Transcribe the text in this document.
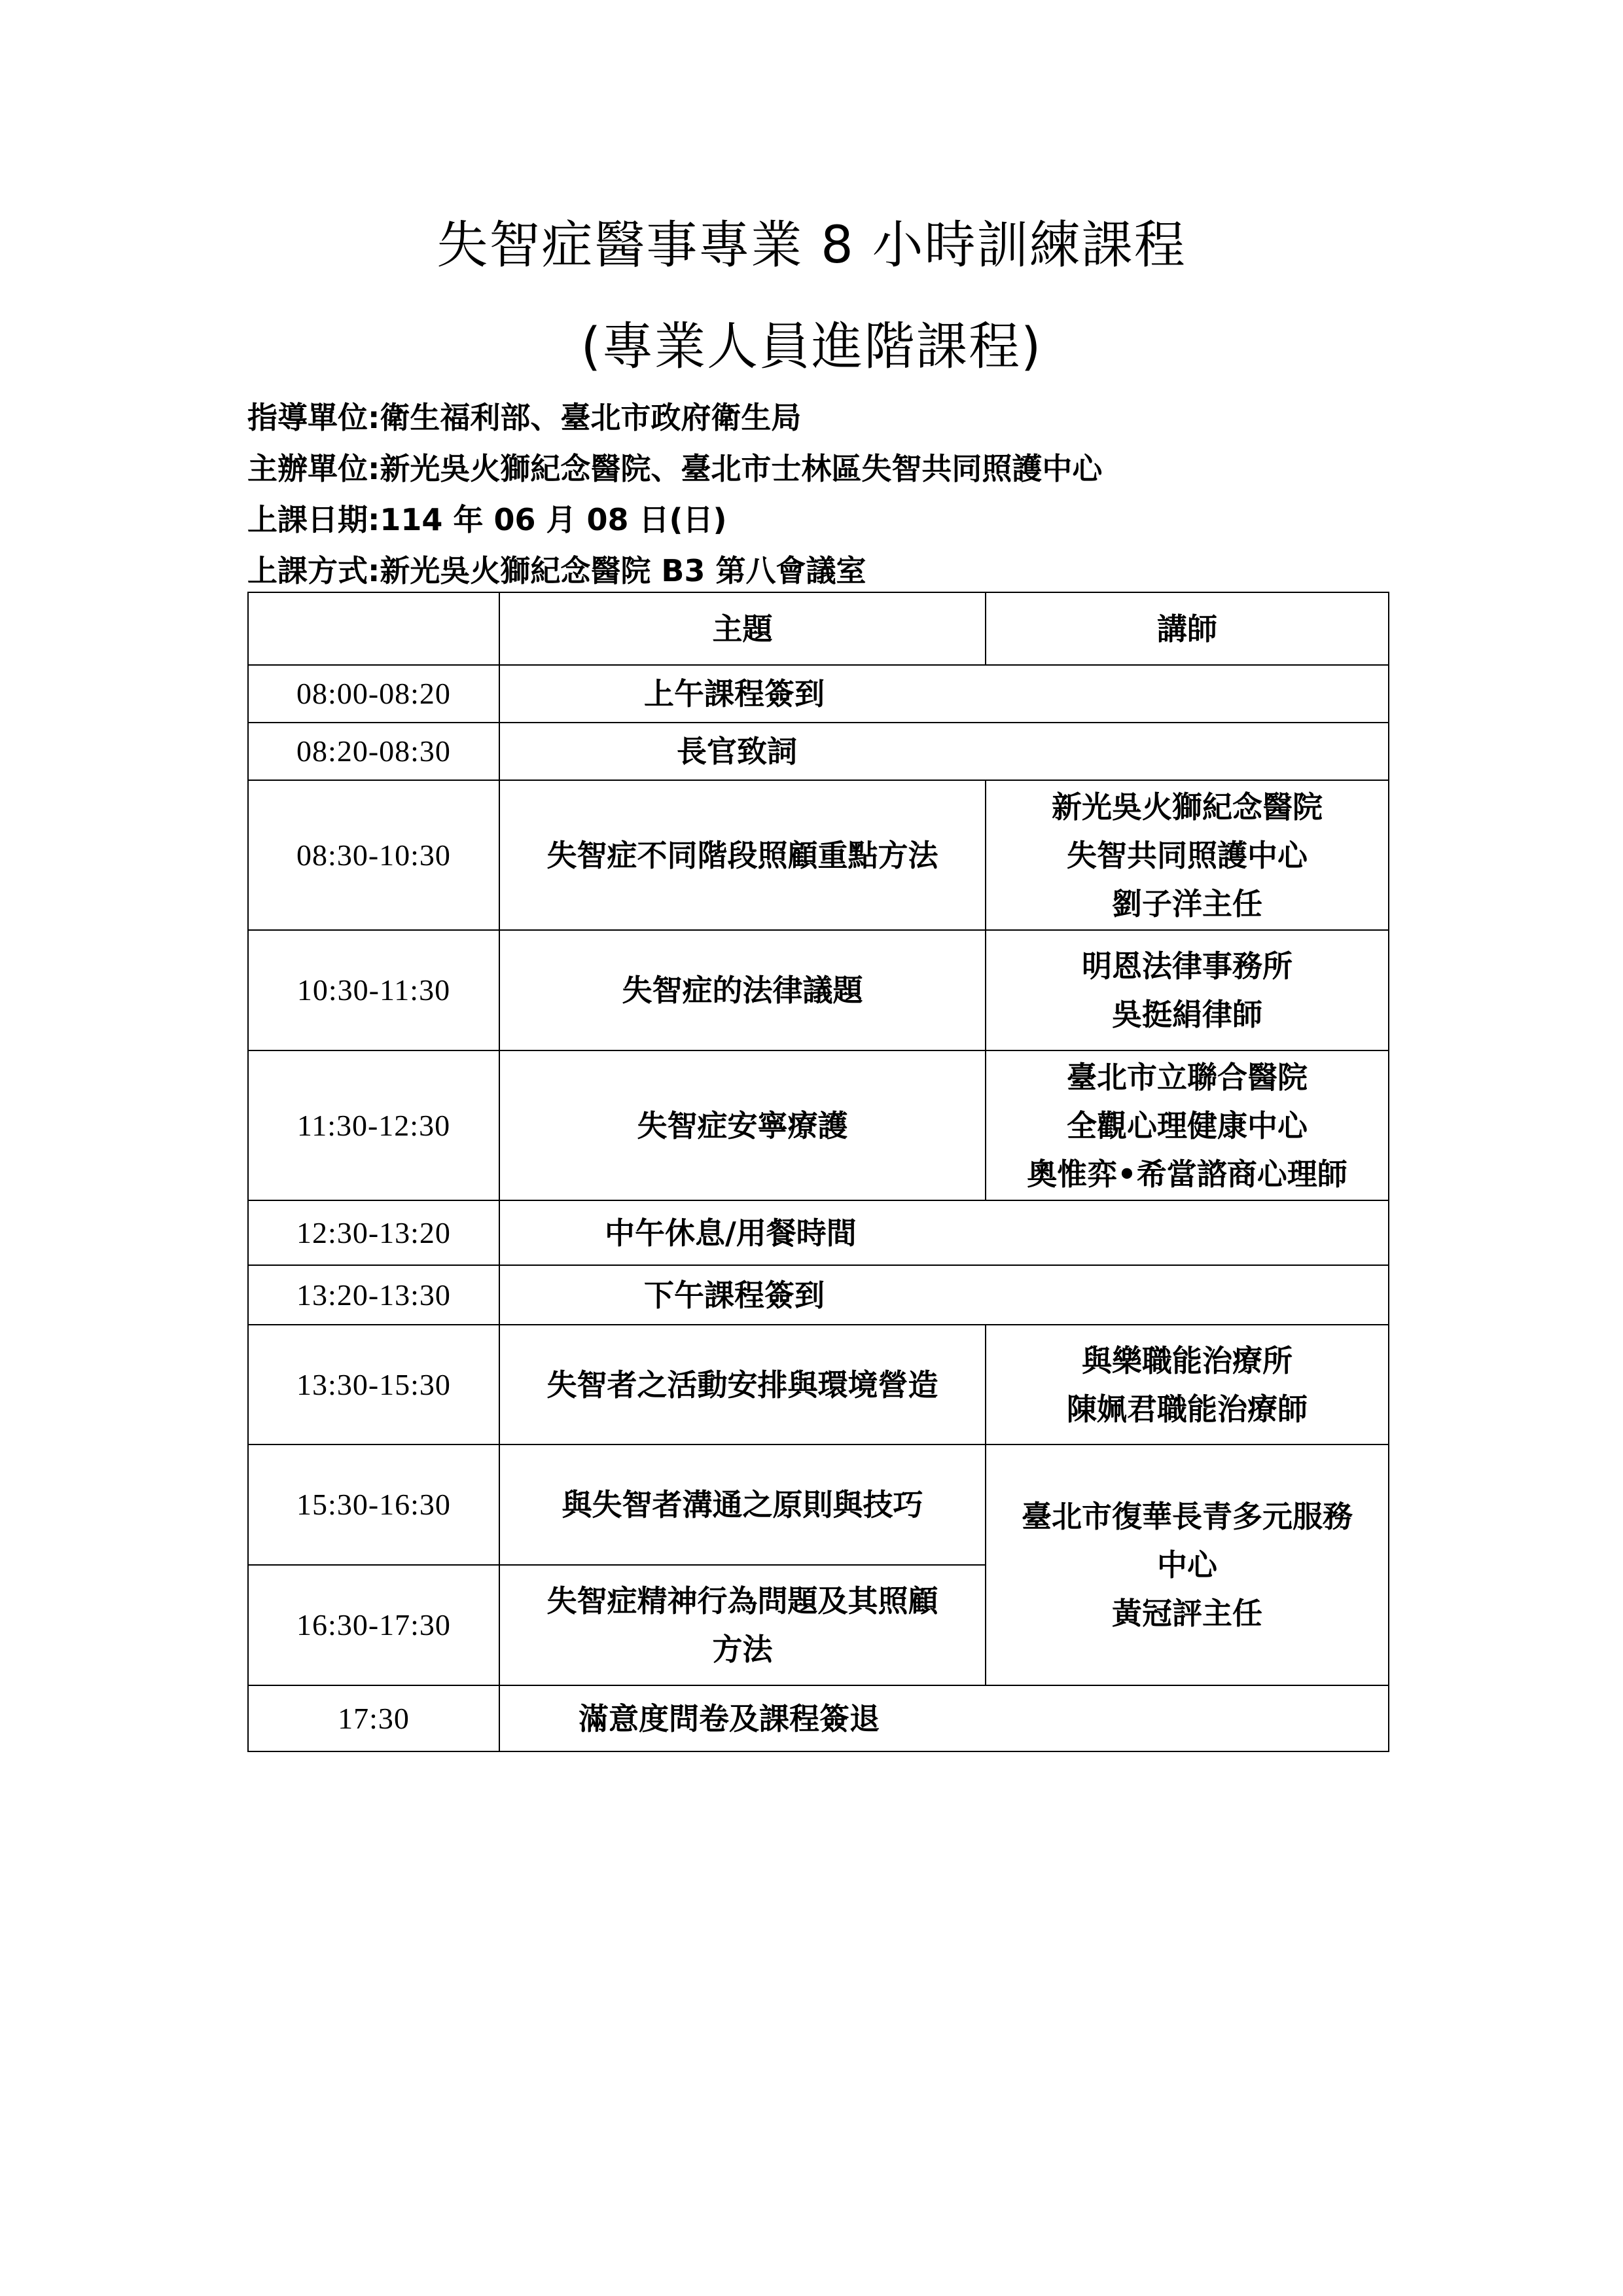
失智症醫事專業 8 小時訓練課程
(專業人員進階課程)
指導單位:衛生福利部、臺北市政府衛生局
主辦單位:新光吳火獅紀念醫院、臺北市士林區失智共同照護中心
上課日期:114 年 06 月 08 日(日)
上課方式:新光吳火獅紀念醫院 B3 第八會議室
	主題	講師
08:00-08:20	上午課程簽到	
08:20-08:30	長官致詞	
08:30-10:30	失智症不同階段照顧重點方法	新光吳火獅紀念醫院
失智共同照護中心
劉子洋主任

10:30-11:30	失智症的法律議題	明恩法律事務所
吳挺絹律師

11:30-12:30	失智症安寧療護	臺北市立聯合醫院
全觀心理健康中心
奧惟弈•希當諮商心理師

12:30-13:20	中午休息/用餐時間	
13:20-13:30	下午課程簽到	
13:30-15:30	失智者之活動安排與環境營造	與樂職能治療所
陳姵君職能治療師

15:30-16:30	與失智者溝通之原則與技巧	臺北市復華長青多元服務
中心
黃冠評主任

16:30-17:30	失智症精神行為問題及其照顧
方法	

17:30	滿意度問卷及課程簽退	
